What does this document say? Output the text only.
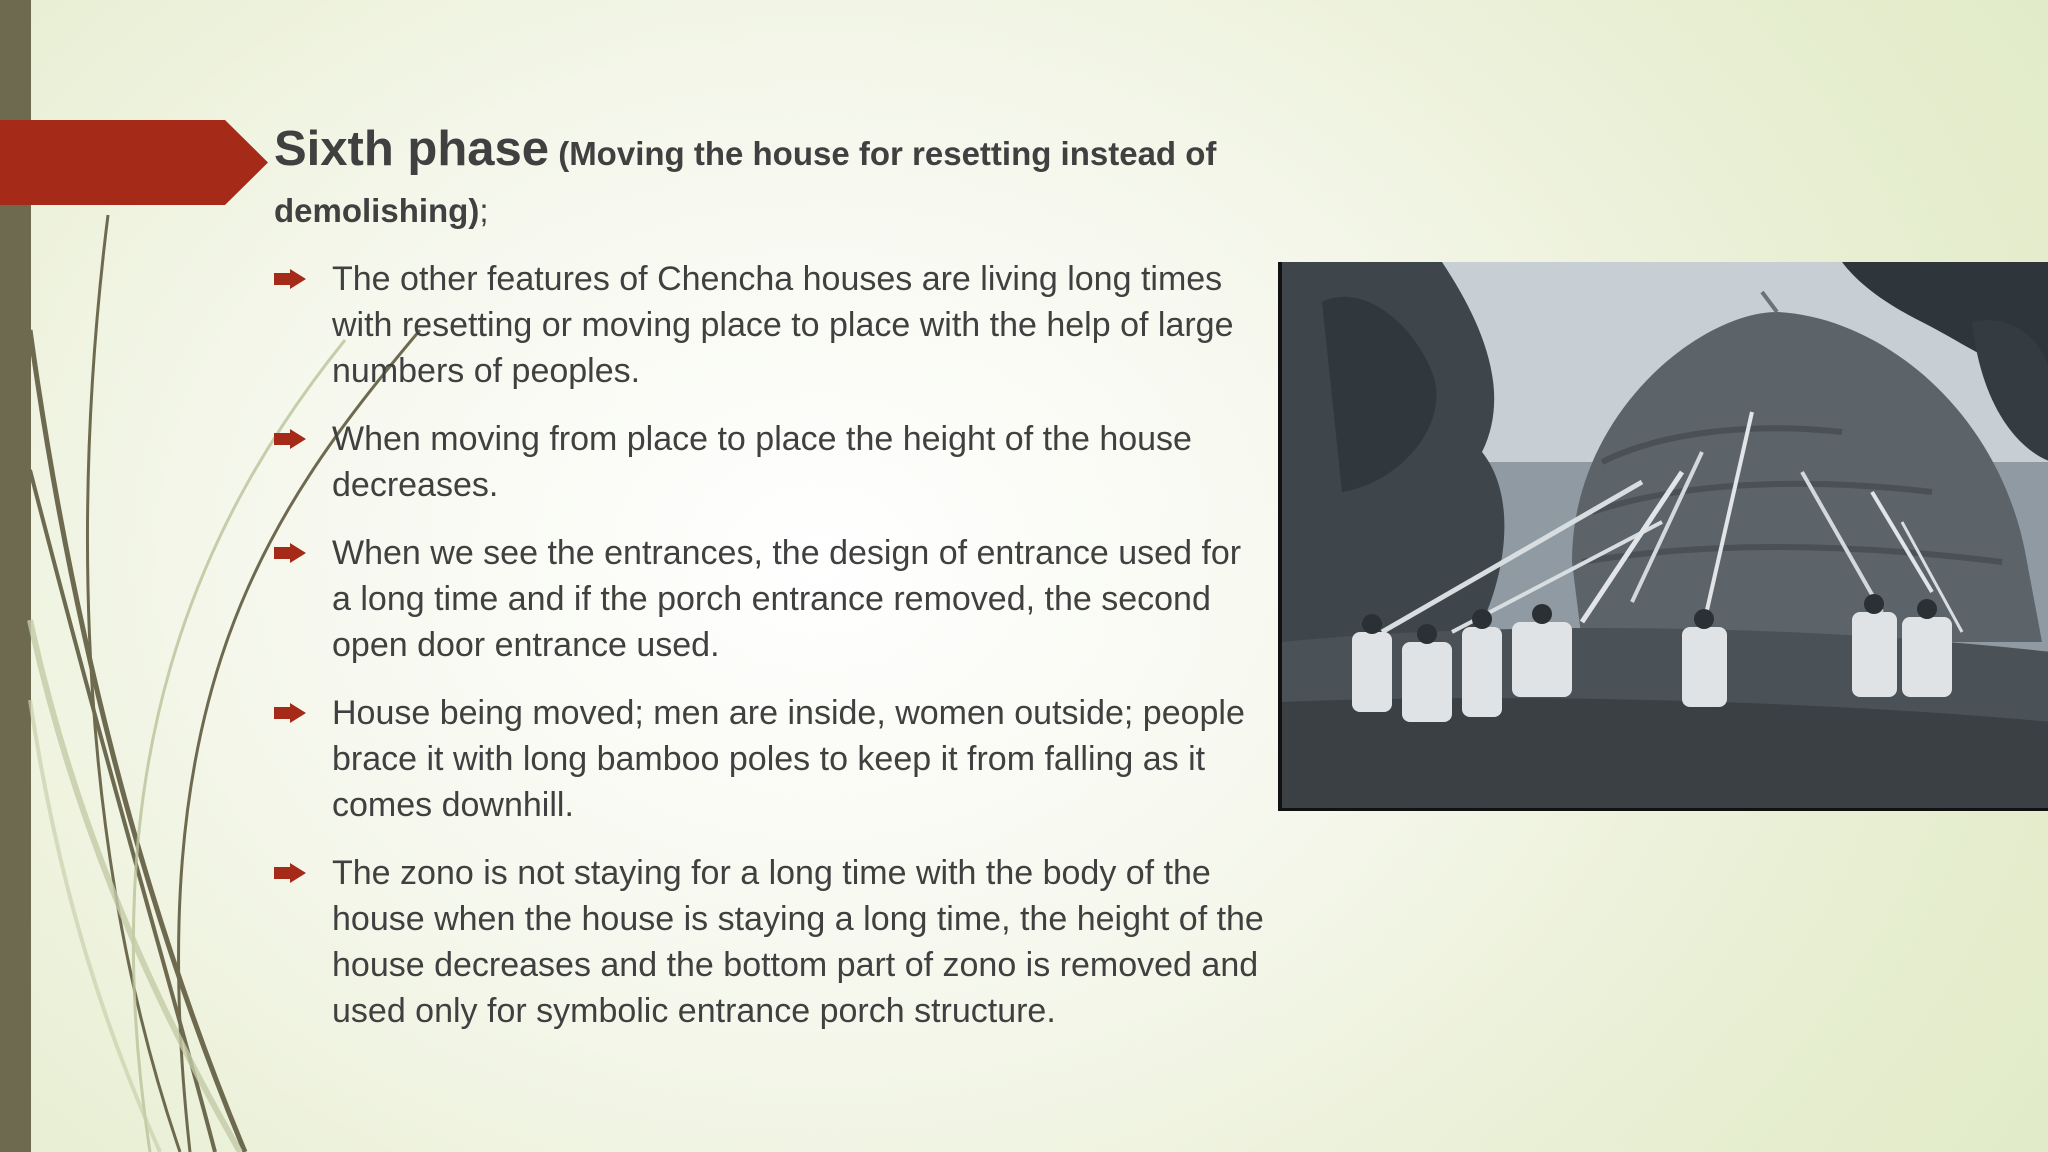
Sixth phase (Moving the house for resetting instead of demolishing);
The other features of Chencha houses are living long times with resetting or moving place to place with the help of large numbers of peoples.
When moving from place to place the height of the house decreases.
When we see the entrances, the design of entrance used for a long time and if the porch entrance removed, the second open door entrance used.
House being moved; men are inside, women outside; people brace it with long bamboo poles to keep it from falling as it comes downhill.
The zono is not staying for a long time with the body of the house when the house is staying a long time, the height of the house decreases and the bottom part of zono is removed and used only for symbolic entrance porch structure.
